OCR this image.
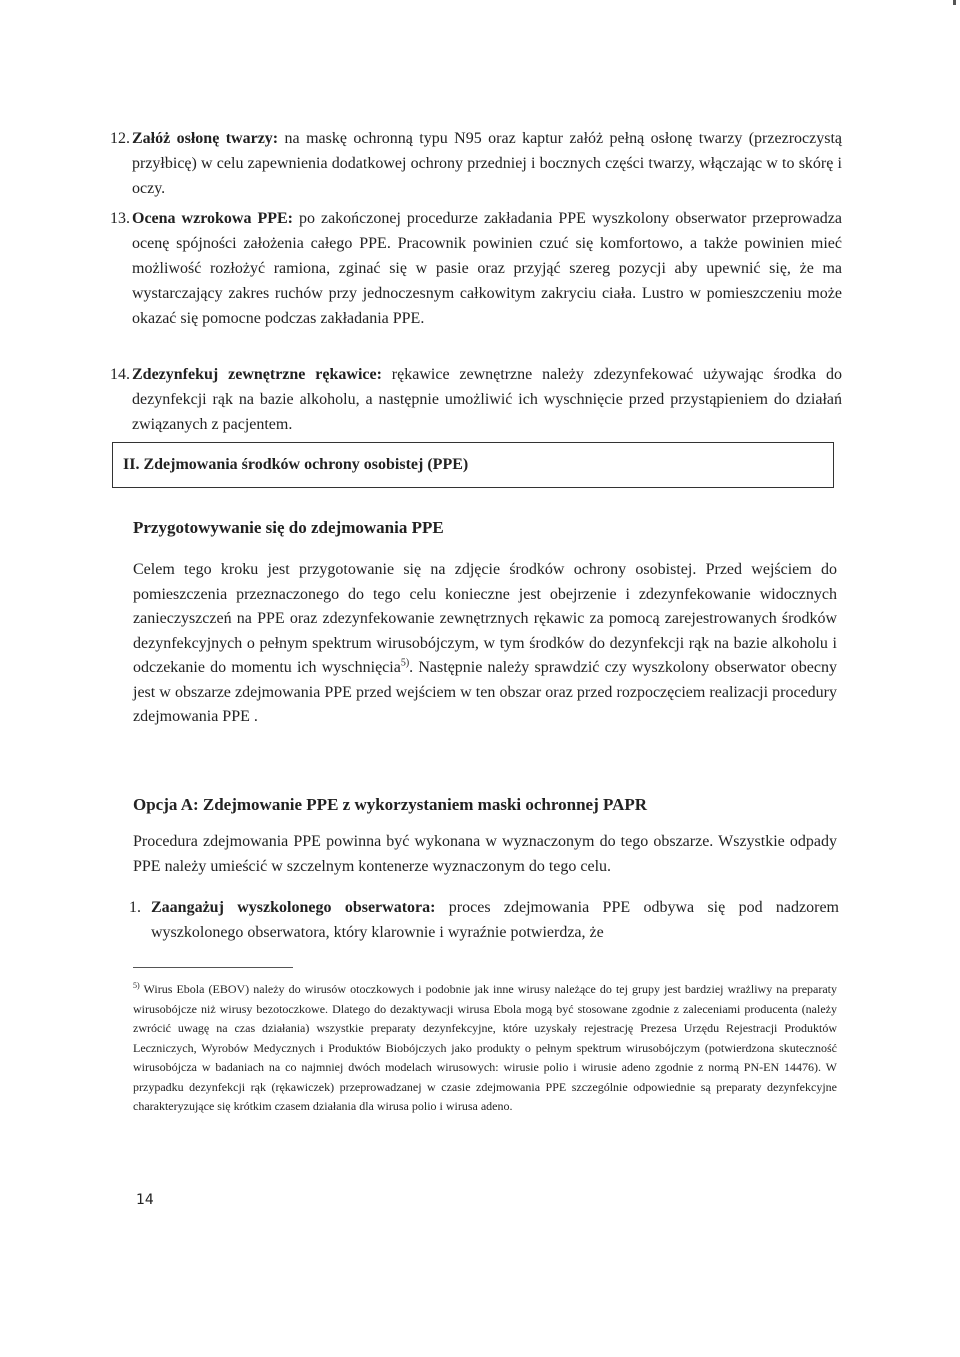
12. Załóż osłonę twarzy: na maskę ochronną typu N95 oraz kaptur załóż pełną osłonę twarzy (przezroczystą przyłbicę) w celu zapewnienia dodatkowej ochrony przedniej i bocznych części twarzy, włączając w to skórę i oczy.
13. Ocena wzrokowa PPE: po zakończonej procedurze zakładania PPE wyszkolony obserwator przeprowadza ocenę spójności założenia całego PPE. Pracownik powinien czuć się komfortowo, a także powinien mieć możliwość rozłożyć ramiona, zginać się w pasie oraz przyjąć szereg pozycji aby upewnić się, że ma wystarczający zakres ruchów przy jednoczesnym całkowitym zakryciu ciała. Lustro w pomieszczeniu może okazać się pomocne podczas zakładania PPE.
14. Zdezynfekuj zewnętrzne rękawice: rękawice zewnętrzne należy zdezynfekować używając środka do dezynfekcji rąk na bazie alkoholu, a następnie umożliwić ich wyschnięcie przed przystąpieniem do działań związanych z pacjentem.
II. Zdejmowania środków ochrony osobistej (PPE)
Przygotowywanie się do zdejmowania PPE
Celem tego kroku jest przygotowanie się na zdjęcie środków ochrony osobistej. Przed wejściem do pomieszczenia przeznaczonego do tego celu konieczne jest obejrzenie i zdezynfekowanie widocznych zanieczyszczeń na PPE oraz zdezynfekowanie zewnętrznych rękawic za pomocą zarejestrowanych środków dezynfekcyjnych o pełnym spektrum wirusobójczym, w tym środków do dezynfekcji rąk na bazie alkoholu i odczekanie do momentu ich wyschnięcia$^{5)}$. Następnie należy sprawdzić czy wyszkolony obserwator obecny jest w obszarze zdejmowania PPE przed wejściem w ten obszar oraz przed rozpoczęciem realizacji procedury zdejmowania PPE .
Opcja A: Zdejmowanie PPE z wykorzystaniem maski ochronnej PAPR
Procedura zdejmowania PPE powinna być wykonana w wyznaczonym do tego obszarze. Wszystkie odpady PPE należy umieścić w szczelnym kontenerze wyznaczonym do tego celu.
1. Zaangażuj wyszkolonego obserwatora: proces zdejmowania PPE odbywa się pod nadzorem wyszkolonego obserwatora, który klarownie i wyraźnie potwierdza, że
$^{5)}$ Wirus Ebola (EBOV) należy do wirusów otoczkowych i podobnie jak inne wirusy należące do tej grupy jest bardziej wrażliwy na preparaty wirusobójcze niż wirusy bezotoczkowe. Dlatego do dezaktywacji wirusa Ebola mogą być stosowane zgodnie z zaleceniami producenta (należy zwrócić uwagę na czas działania) wszystkie preparaty dezynfekcyjne, które uzyskały rejestrację Prezesa Urzędu Rejestracji Produktów Leczniczych, Wyrobów Medycznych i Produktów Biobójczych jako produkty o pełnym spektrum wirusobójczym (potwierdzona skuteczność wirusobójcza w badaniach na co najmniej dwóch modelach wirusowych: wirusie polio i wirusie adeno zgodnie z normą PN-EN 14476). W przypadku dezynfekcji rąk (rękawiczek) przeprowadzanej w czasie zdejmowania PPE szczególnie odpowiednie są preparaty dezynfekcyjne charakteryzujące się krótkim czasem działania dla wirusa polio i wirusa adeno.
14
